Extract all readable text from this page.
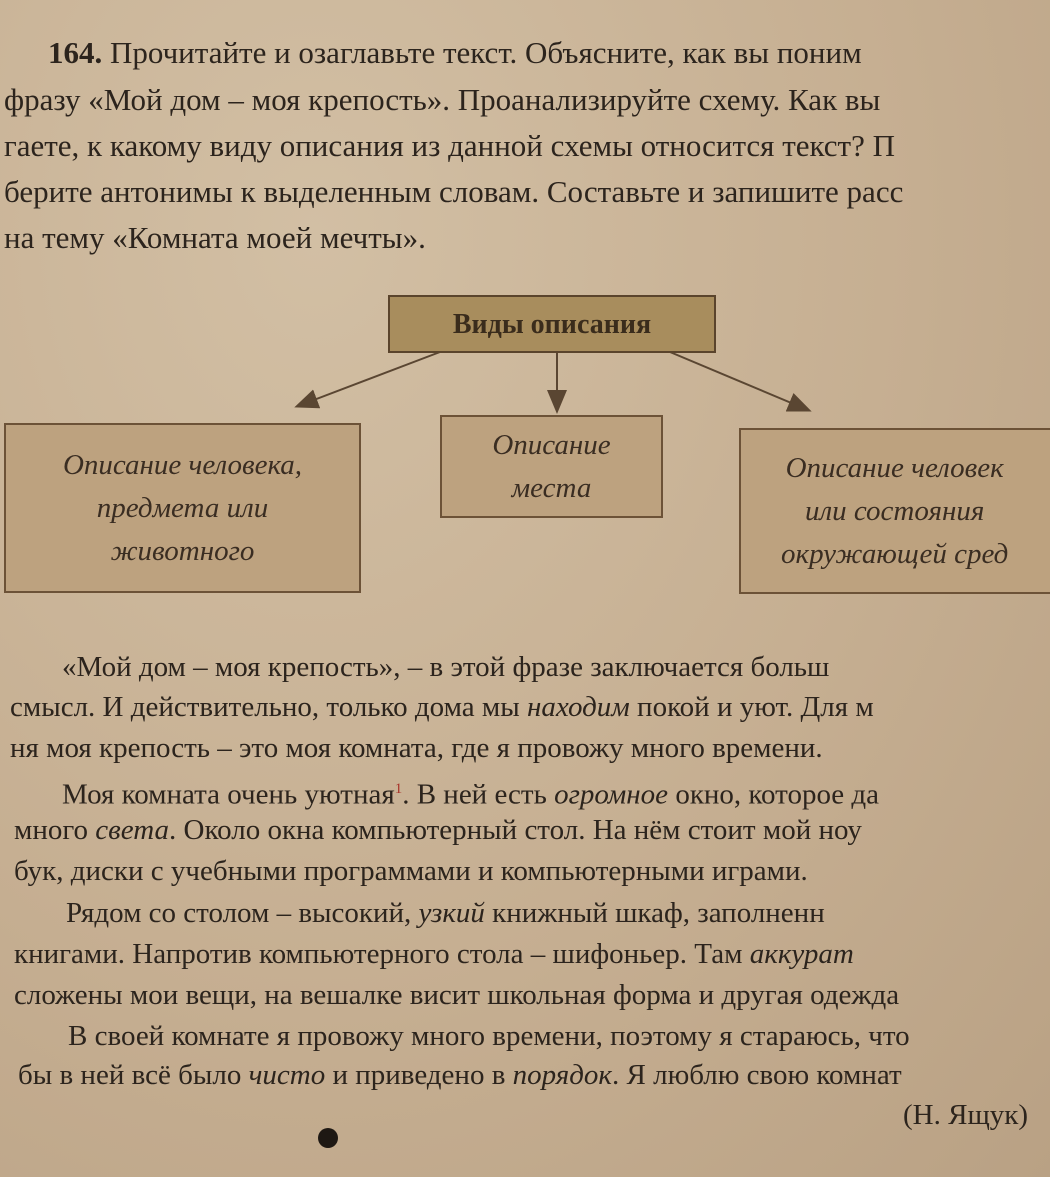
164. Прочитайте и озаглавьте текст. Объясните, как вы поним
фразу «Мой дом – моя крепость». Проанализируйте схему. Как вы
гаете, к какому виду описания из данной схемы относится текст? П
берите антонимы к выделенным словам. Составьте и запишите расс
на тему «Комната моей мечты».
Виды описания
Описание человека,
предмета или
животного
Описание
места
Описание человек
или состояния
окружающей сред
«Мой дом – моя крепость», – в этой фразе заключается больш
смысл. И действительно, только дома мы находим покой и уют. Для м
ня моя крепость – это моя комната, где я провожу много времени.
Моя комната очень уютная$^1$. В ней есть огромное окно, которое да
много света. Около окна компьютерный стол. На нём стоит мой ноу
бук, диски с учебными программами и компьютерными играми.
Рядом со столом – высокий, узкий книжный шкаф, заполненн
книгами. Напротив компьютерного стола – шифоньер. Там аккурат
сложены мои вещи, на вешалке висит школьная форма и другая одежда
В своей комнате я провожу много времени, поэтому я стараюсь, что
бы в ней всё было чисто и приведено в порядок. Я люблю свою комнат
(Н. Ящук)
